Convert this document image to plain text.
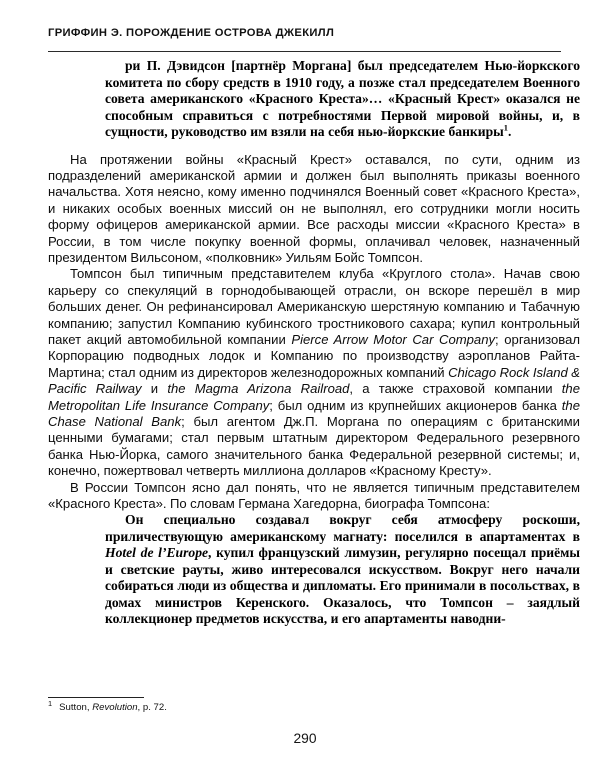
ГРИФФИН Э. ПОРОЖДЕНИЕ ОСТРОВА ДЖЕКИЛЛ

ри П. Дэвидсон [партнёр Моргана] был председателем Нью-йоркского комитета по сбору средств в 1910 году, а позже стал председателем Военного совета американского «Красного Креста»… «Красный Крест» оказался не способным справиться с потребностями Первой мировой войны, и, в сущности, руководство им взяли на себя нью-йоркские банкиры$^1$.

На протяжении войны «Красный Крест» оставался, по сути, одним из подразделений американской армии и должен был выполнять приказы военного начальства. Хотя неясно, кому именно подчинялся Военный совет «Красного Креста», и никаких особых военных миссий он не выполнял, его сотрудники могли носить форму офицеров американской армии. Все расходы миссии «Красного Креста» в России, в том числе покупку военной формы, оплачивал человек, назначенный президентом Вильсоном, «полковник» Уильям Бойс Томпсон.

Томпсон был типичным представителем клуба «Круглого стола». Начав свою карьеру со спекуляций в горнодобывающей отрасли, он вскоре перешёл в мир больших денег. Он рефинансировал Американскую шерстяную компанию и Табачную компанию; запустил Компанию кубинского тростникового сахара; купил контрольный пакет акций автомобильной компании Pierce Arrow Motor Car Company; организовал Корпорацию подводных лодок и Компанию по производству аэропланов Райта-Мартина; стал одним из директоров железнодорожных компаний Chicago Rock Island & Pacific Railway и the Magma Arizona Railroad, а также страховой компании the Metropolitan Life Insurance Company; был одним из крупнейших акционеров банка the Chase National Bank; был агентом Дж.П. Моргана по операциям с британскими ценными бумагами; стал первым штатным директором Федерального резервного банка Нью-Йорка, самого значительного банка Федеральной резервной системы; и, конечно, пожертвовал четверть миллиона долларов «Красному Кресту».

В России Томпсон ясно дал понять, что не является типичным представителем «Красного Креста». По словам Германа Хагедорна, биографа Томпсона:

Он специально создавал вокруг себя атмосферу роскоши, приличествующую американскому магнату: поселился в апартаментах в Hotel de l’Europe, купил французский лимузин, регулярно посещал приёмы и светские рауты, живо интересовался искусством. Вокруг него начали собираться люди из общества и дипломаты. Его принимали в посольствах, в домах министров Керенского. Оказалось, что Томпсон – заядлый коллекционер предметов искусства, и его апартаменты наводни-

$^1$ Sutton, Revolution, p. 72.
290
